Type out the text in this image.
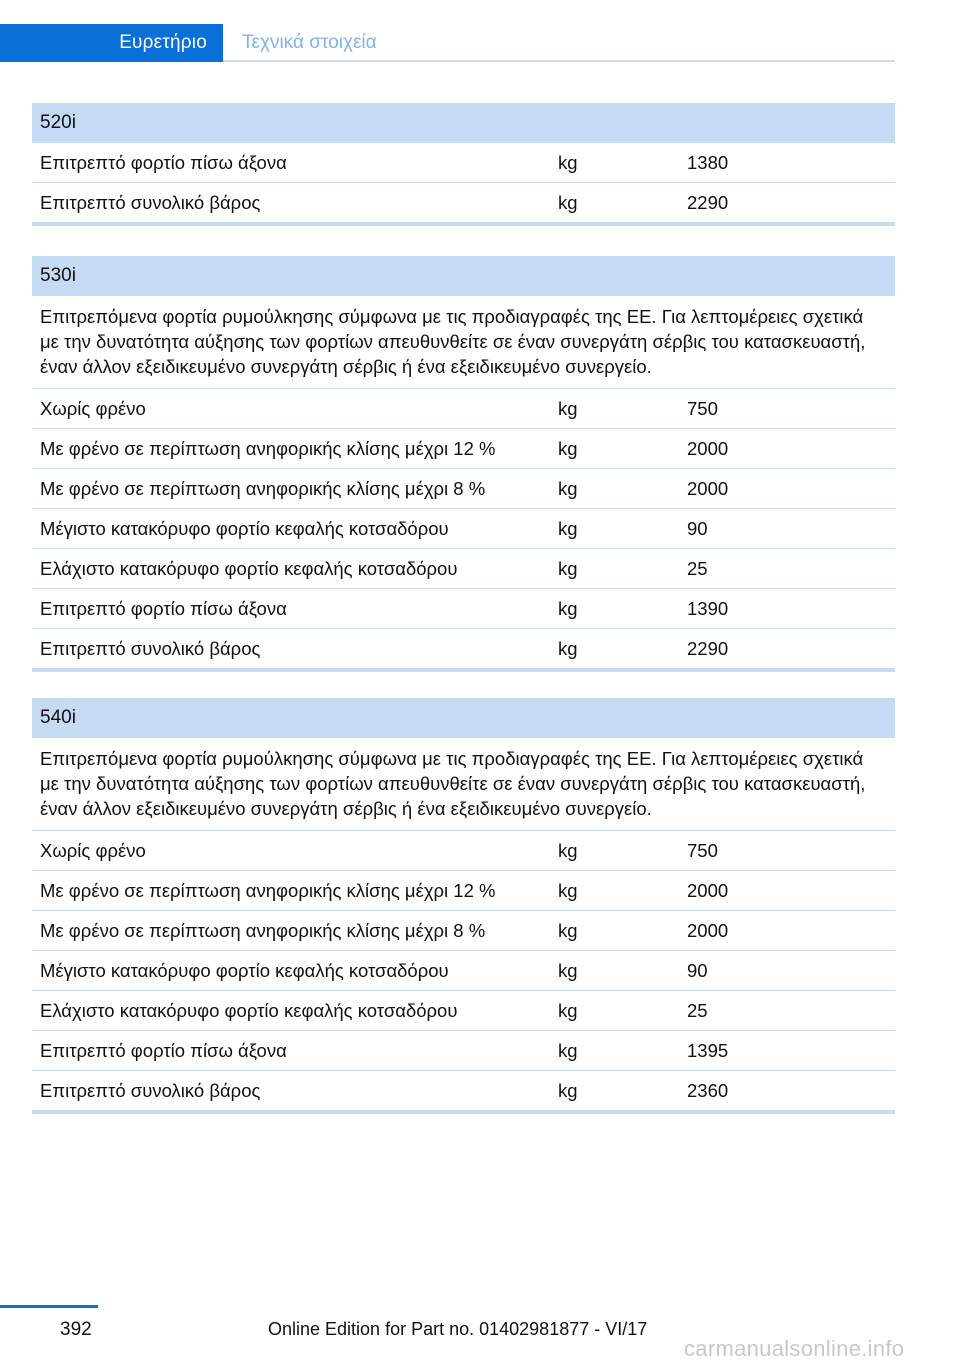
Ευρετήριο	Τεχνικά στοιχεία
520i
Επιτρεπτό φορτίο πίσω άξονα	kg	1380
Επιτρεπτό συνολικό βάρος	kg	2290
530i
Επιτρεπόμενα φορτία ρυμούλκησης σύμφωνα με τις προδιαγραφές της ΕΕ. Για λεπτομέρειες σχετικά με την δυνατότητα αύξησης των φορτίων απευθυνθείτε σε έναν συνεργάτη σέρβις του κατασκευαστή, έναν άλλον εξειδικευμένο συνεργάτη σέρβις ή ένα εξειδικευμένο συνεργείο.
Χωρίς φρένο	kg	750
Με φρένο σε περίπτωση ανηφορικής κλίσης μέχρι 12 %	kg	2000
Με φρένο σε περίπτωση ανηφορικής κλίσης μέχρι 8 %	kg	2000
Μέγιστο κατακόρυφο φορτίο κεφαλής κοτσαδόρου	kg	90
Ελάχιστο κατακόρυφο φορτίο κεφαλής κοτσαδόρου	kg	25
Επιτρεπτό φορτίο πίσω άξονα	kg	1390
Επιτρεπτό συνολικό βάρος	kg	2290
540i
Επιτρεπόμενα φορτία ρυμούλκησης σύμφωνα με τις προδιαγραφές της ΕΕ. Για λεπτομέρειες σχετικά με την δυνατότητα αύξησης των φορτίων απευθυνθείτε σε έναν συνεργάτη σέρβις του κατασκευαστή, έναν άλλον εξειδικευμένο συνεργάτη σέρβις ή ένα εξειδικευμένο συνεργείο.
Χωρίς φρένο	kg	750
Με φρένο σε περίπτωση ανηφορικής κλίσης μέχρι 12 %	kg	2000
Με φρένο σε περίπτωση ανηφορικής κλίσης μέχρι 8 %	kg	2000
Μέγιστο κατακόρυφο φορτίο κεφαλής κοτσαδόρου	kg	90
Ελάχιστο κατακόρυφο φορτίο κεφαλής κοτσαδόρου	kg	25
Επιτρεπτό φορτίο πίσω άξονα	kg	1395
Επιτρεπτό συνολικό βάρος	kg	2360
392	Online Edition for Part no. 01402981877 - VI/17
carmanualsonline.info
